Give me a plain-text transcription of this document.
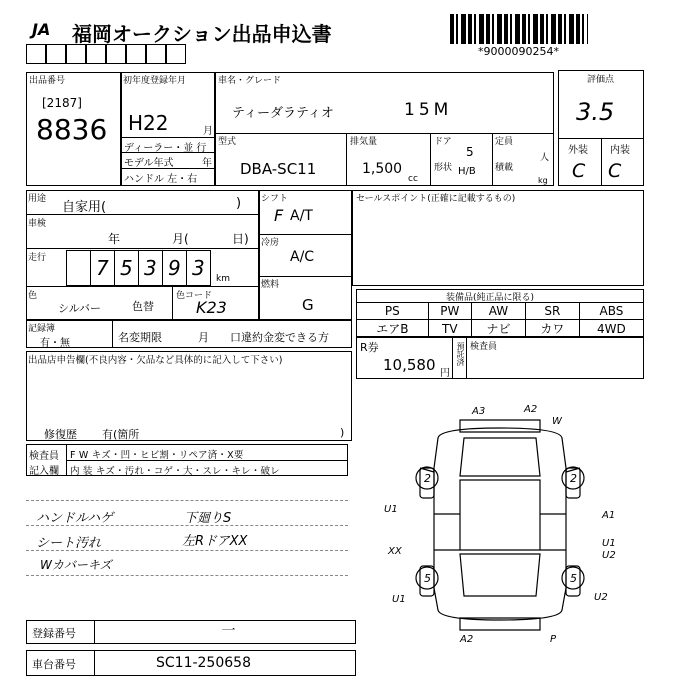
JA 福岡オークション出品申込書
*9000090254*
出品番号
[2187]
8836
初年度登録年月
H22	月
ディーラー・並 行
モデル年式	年
ハンドル 左・右
車名・グレード
ティーダラティオ	15M
型式
DBA-SC11
排気量
1,500
cc
ドア
5
形状 H/B
定員
人
積載
kg
評価点
3.5
外装 内装
C C
用途
自家用(	)
車検
年	月(	日)
走行 7 5 3 9 3 km
色
シルバー	色替
色コード
K23
シフト
F A/T
冷房
A/C
燃料
G
セールスポイント(正確に記載するもの)
装備品(純正品に限る)
PS	PW	AW	SR	ABS
エアB	TV	ナビ	カワ	4WD
記録簿
有・無	名変期限	月 口違約金変できる方
R券
10,580 円
預託済 検査員
出品店申告欄(不良内容・欠品など具体的に記入して下さい)
修復歴 有(箇所	)
検査員
記入欄
F W キズ・凹・ヒビ割・リペア済・X要
内 装 キズ・汚れ・コゲ・大・スレ・キレ・破レ
ハンドルハゲ	下廻りS
シート汚れ	左RドアXX
Wカバーキズ
A3	A2
W
2	2
U1
A1
U1
U2
XX
5	5
U1	U2
A2	P
登録番号	一
車台番号	SC11-250658
